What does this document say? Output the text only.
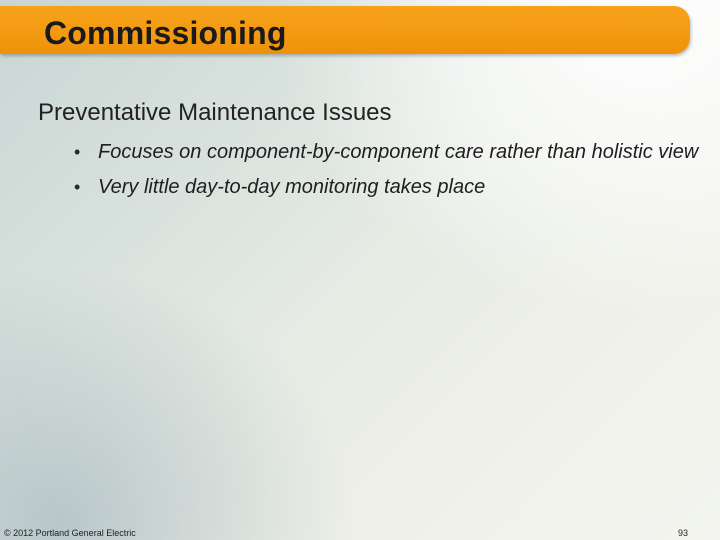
Commissioning
Preventative Maintenance Issues
• Focuses on component-by-component care rather than holistic view
• Very little day-to-day monitoring takes place
© 2012 Portland General Electric	93
